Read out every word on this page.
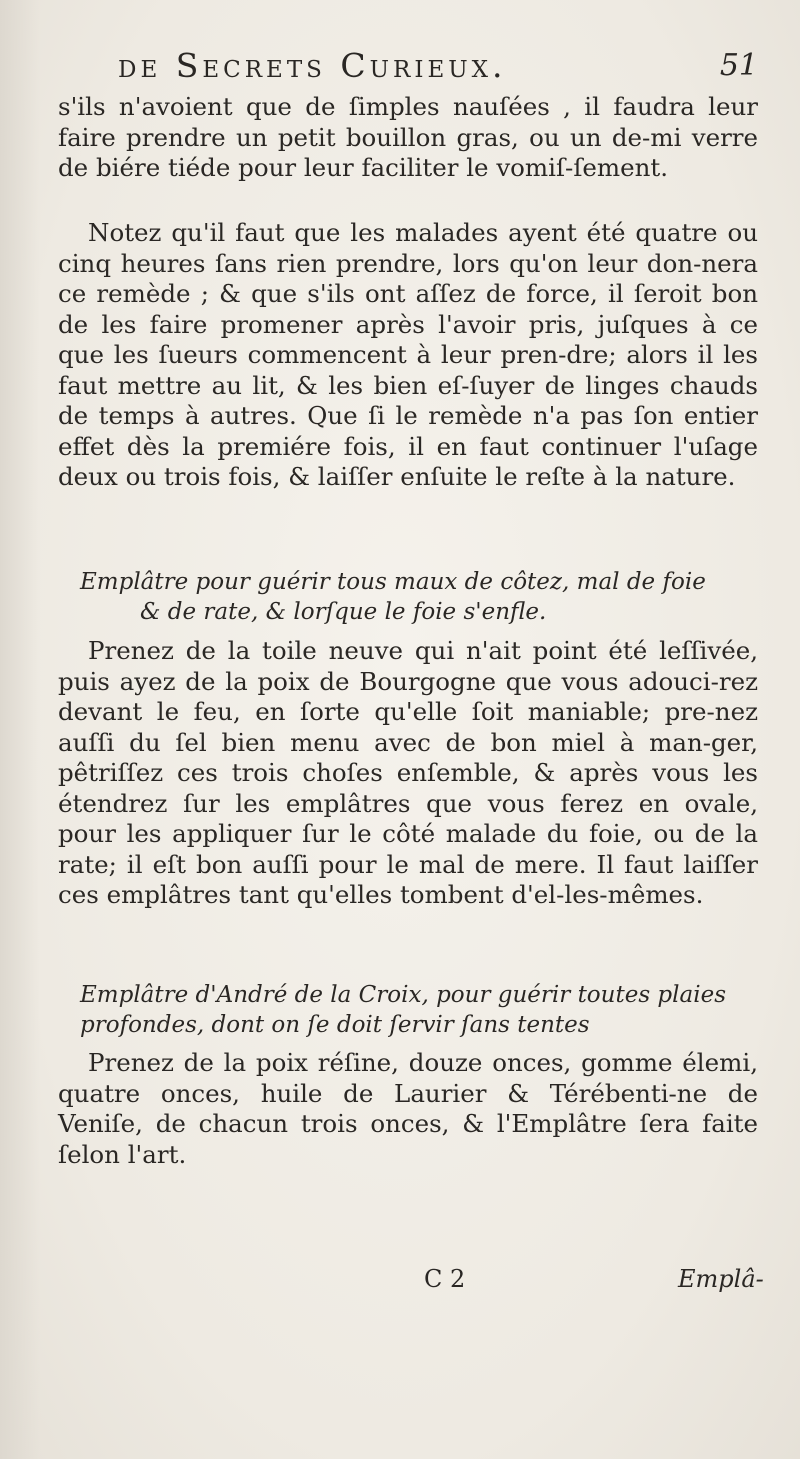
de Secrets Curieux.	51

s'ils n'avoient que de ſimples nauſées , il faudra leur faire prendre un petit bouillon gras, ou un de-mi verre de biére tiéde pour leur faciliter le vomiſ-ſement.

Notez qu'il faut que les malades ayent été quatre ou cinq heures ſans rien prendre, lors qu'on leur don-nera ce remède ; & que s'ils ont aſſez de force, il ſeroit bon de les faire promener après l'avoir pris, juſques à ce que les ſueurs commencent à leur pren-dre; alors il les faut mettre au lit, & les bien eſ-ſuyer de linges chauds de temps à autres. Que ſi le remède n'a pas ſon entier effet dès la premiére fois, il en faut continuer l'uſage deux ou trois fois, & laiſſer enſuite le reſte à la nature.

Emplâtre pour guérir tous maux de côtez, mal de foie
& de rate, & lorſque le foie s'enfle.

Prenez de la toile neuve qui n'ait point été leſſivée, puis ayez de la poix de Bourgogne que vous adouci-rez devant le feu, en ſorte qu'elle ſoit maniable; pre-nez auſſi du ſel bien menu avec de bon miel à man-ger, pêtriſſez ces trois choſes enſemble, & après vous les étendrez ſur les emplâtres que vous ferez en ovale, pour les appliquer ſur le côté malade du foie, ou de la rate; il eſt bon auſſi pour le mal de mere. Il faut laiſſer ces emplâtres tant qu'elles tombent d'el-les-mêmes.

Emplâtre d'André de la Croix, pour guérir toutes plaies
profondes, dont on ſe doit ſervir ſans tentes

Prenez de la poix réſine, douze onces, gomme élemi, quatre onces, huile de Laurier & Térébenti-ne de Veniſe, de chacun trois onces, & l'Emplâtre ſera faite ſelon l'art.

C 2	Emplâ-
